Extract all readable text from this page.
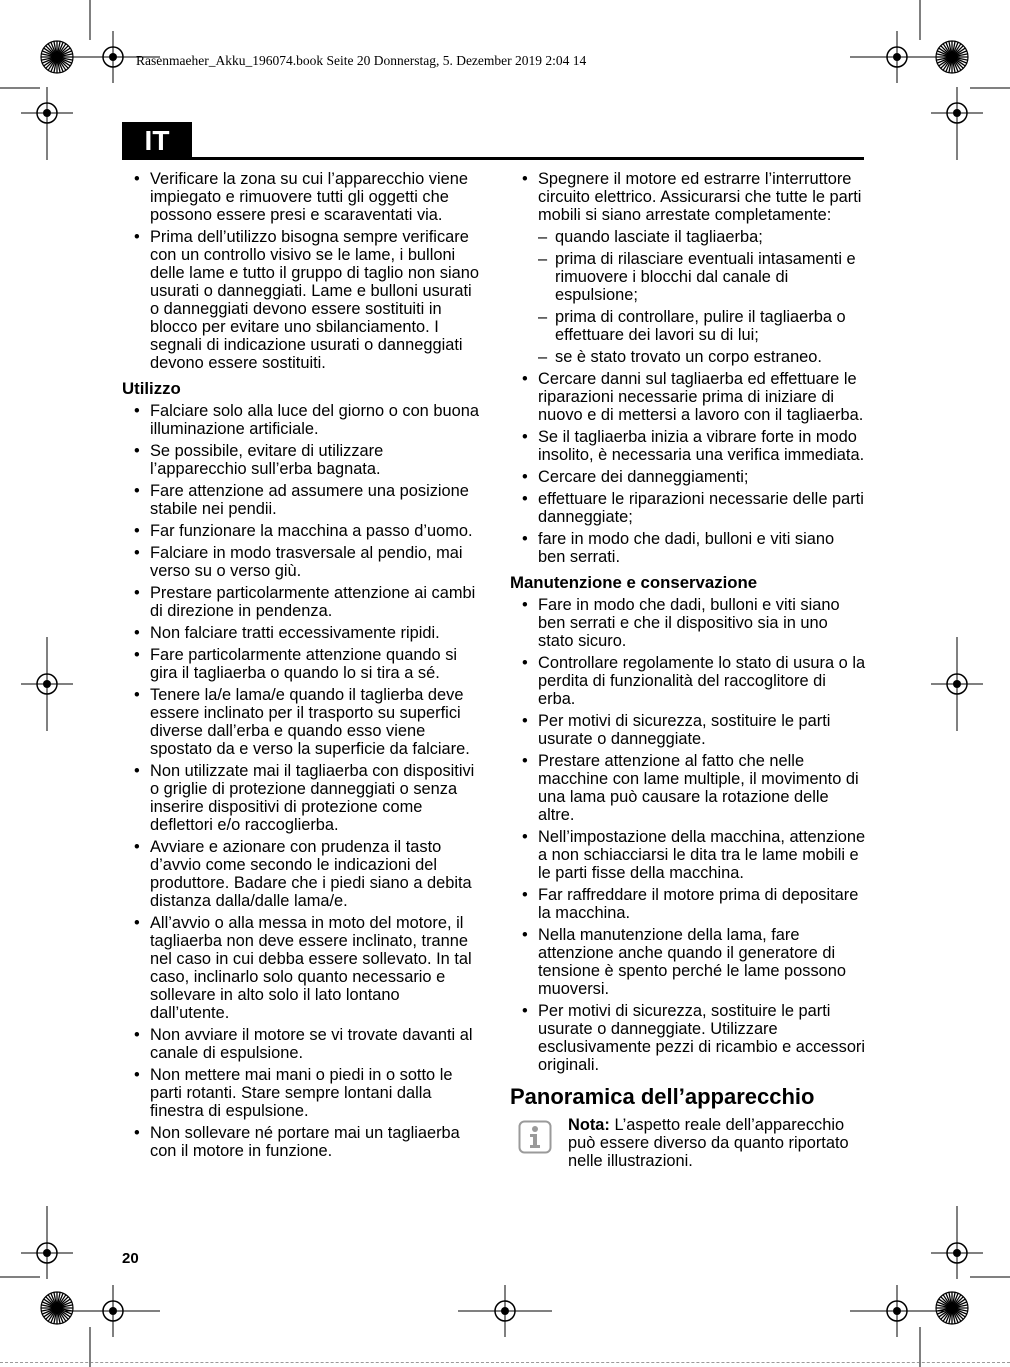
Rasenmaeher_Akku_196074.book Seite 20 Donnerstag, 5. Dezember 2019 2:04 14
IT
• Verificare la zona su cui l’apparecchio viene impiegato e rimuovere tutti gli oggetti che possono essere presi e scaraventati via.
• Prima dell’utilizzo bisogna sempre verificare con un controllo visivo se le lame, i bulloni delle lame e tutto il gruppo di taglio non siano usurati o danneggiati. Lame e bulloni usurati o danneggiati devono essere sostituiti in blocco per evitare uno sbilanciamento. I segnali di indicazione usurati o danneggiati devono essere sostituiti.
Utilizzo
• Falciare solo alla luce del giorno o con buona illuminazione artificiale.
• Se possibile, evitare di utilizzare l’apparecchio sull’erba bagnata.
• Fare attenzione ad assumere una posizione stabile nei pendii.
• Far funzionare la macchina a passo d’uomo.
• Falciare in modo trasversale al pendio, mai verso su o verso giù.
• Prestare particolarmente attenzione ai cambi di direzione in pendenza.
• Non falciare tratti eccessivamente ripidi.
• Fare particolarmente attenzione quando si gira il tagliaerba o quando lo si tira a sé.
• Tenere la/e lama/e quando il taglierba deve essere inclinato per il trasporto su superfici diverse dall’erba e quando esso viene spostato da e verso la superficie da falciare.
• Non utilizzate mai il tagliaerba con dispositivi o griglie di protezione danneggiati o senza inserire dispositivi di protezione come deflettori e/o raccoglierba.
• Avviare e azionare con prudenza il tasto d’avvio come secondo le indicazioni del produttore. Badare che i piedi siano a debita distanza dalla/dalle lama/e.
• All’avvio o alla messa in moto del motore, il tagliaerba non deve essere inclinato, tranne nel caso in cui debba essere sollevato. In tal caso, inclinarlo solo quanto necessario e sollevare in alto solo il lato lontano dall’utente.
• Non avviare il motore se vi trovate davanti al canale di espulsione.
• Non mettere mai mani o piedi in o sotto le parti rotanti. Stare sempre lontani dalla finestra di espulsione.
• Non sollevare né portare mai un tagliaerba con il motore in funzione.
• Spegnere il motore ed estrarre l’interruttore circuito elettrico. Assicurarsi che tutte le parti mobili si siano arrestate completamente:
– quando lasciate il tagliaerba;
– prima di rilasciare eventuali intasamenti e rimuovere i blocchi dal canale di espulsione;
– prima di controllare, pulire il tagliaerba o effettuare dei lavori su di lui;
– se è stato trovato un corpo estraneo.
• Cercare danni sul tagliaerba ed effettuare le riparazioni necessarie prima di iniziare di nuovo e di mettersi a lavoro con il tagliaerba.
• Se il tagliaerba inizia a vibrare forte in modo insolito, è necessaria una verifica immediata.
• Cercare dei danneggiamenti;
• effettuare le riparazioni necessarie delle parti danneggiate;
• fare in modo che dadi, bulloni e viti siano ben serrati.
Manutenzione e conservazione
• Fare in modo che dadi, bulloni e viti siano ben serrati e che il dispositivo sia in uno stato sicuro.
• Controllare regolamente lo stato di usura o la perdita di funzionalità del raccoglitore di erba.
• Per motivi di sicurezza, sostituire le parti usurate o danneggiate.
• Prestare attenzione al fatto che nelle macchine con lame multiple, il movimento di una lama può causare la rotazione delle altre.
• Nell’impostazione della macchina, attenzione a non schiacciarsi le dita tra le lame mobili e le parti fisse della macchina.
• Far raffreddare il motore prima di depositare la macchina.
• Nella manutenzione della lama, fare attenzione anche quando il generatore di tensione è spento perché le lame possono muoversi.
• Per motivi di sicurezza, sostituire le parti usurate o danneggiate. Utilizzare esclusivamente pezzi di ricambio e accessori originali.
Panoramica dell’apparecchio
Nota: L’aspetto reale dell’apparecchio può essere diverso da quanto riportato nelle illustrazioni.
20
